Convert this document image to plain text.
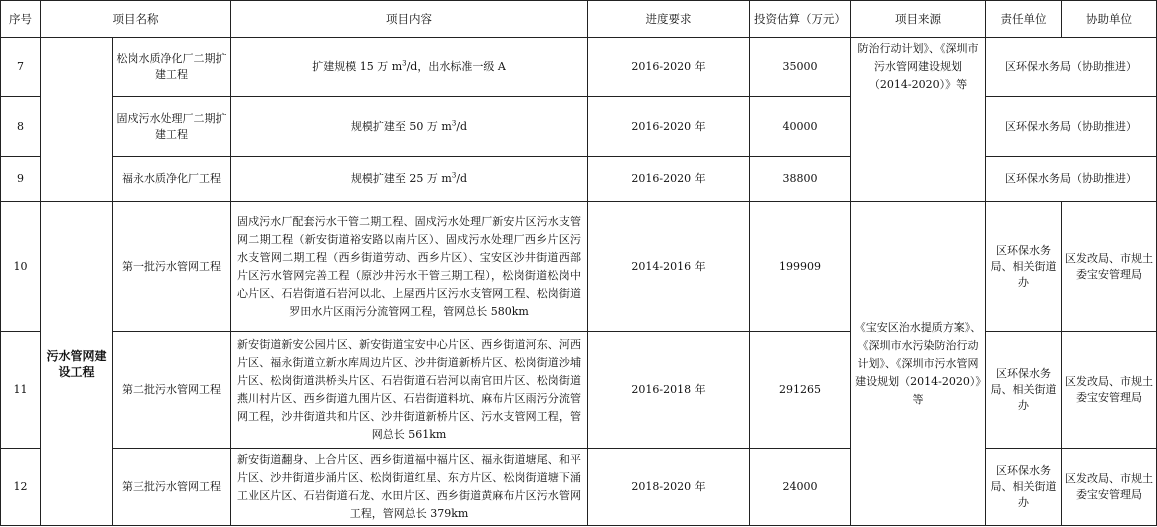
序号	项目名称		项目内容	进度要求	投资估算（万元）	项目来源	责任单位	协助单位
7		松岗水质净化厂二期扩建工程	扩建规模 15 万 $m^3/d$，出水标准一级 A	2016-2020 年	35000	防治行动计划》、《深圳市污水管网建设规划（2014-2020）》等	区环保水务局（协助推进）	
8		固戍污水处理厂二期扩建工程	规模扩建至 50 万 $m^3/d$	2016-2020 年	40000		区环保水务局（协助推进）	
9		福永水质净化厂工程	规模扩建至 25 万 $m^3/d$	2016-2020 年	38800		区环保水务局（协助推进）	
10	污水管网建设工程	第一批污水管网工程	固戍污水厂配套污水干管二期工程、固戍污水处理厂新安片区污水支管网二期工程（新安街道裕安路以南片区）、固戍污水处理厂西乡片区污水支管网二期工程（西乡街道劳动、西乡片区）、宝安区沙井街道西部片区污水管网完善工程（原沙井污水干管三期工程），松岗街道松岗中心片区、石岩街道石岩河以北、上屋西片区污水支管网工程、松岗街道罗田水片区雨污分流管网工程，管网总长 580km	2014-2016 年	199909	《宝安区治水提质方案》、《深圳市水污染防治行动计划》、《深圳市污水管网建设规划（2014-2020）》等	区环保水务局、相关街道办	区发改局、市规土委宝安管理局
11		第二批污水管网工程	新安街道新安公园片区、新安街道宝安中心片区、西乡街道河东、河西片区、福永街道立新水库周边片区、沙井街道新桥片区、松岗街道沙埔片区、松岗街道洪桥头片区、石岩街道石岩河以南官田片区、松岗街道燕川村片区、西乡街道九围片区、石岩街道料坑、麻布片区雨污分流管网工程，沙井街道共和片区、沙井街道新桥片区、污水支管网工程，管网总长 561km	2016-2018 年	291265		区环保水务局、相关街道办	区发改局、市规土委宝安管理局
12		第三批污水管网工程	新安街道翻身、上合片区、西乡街道福中福片区、福永街道塘尾、和平片区、沙井街道步涌片区、松岗街道红星、东方片区、松岗街道塘下涌工业区片区、石岩街道石龙、水田片区、西乡街道黄麻布片区污水管网工程，管网总长 379km	2018-2020 年	24000		区环保水务局、相关街道办	区发改局、市规土委宝安管理局
